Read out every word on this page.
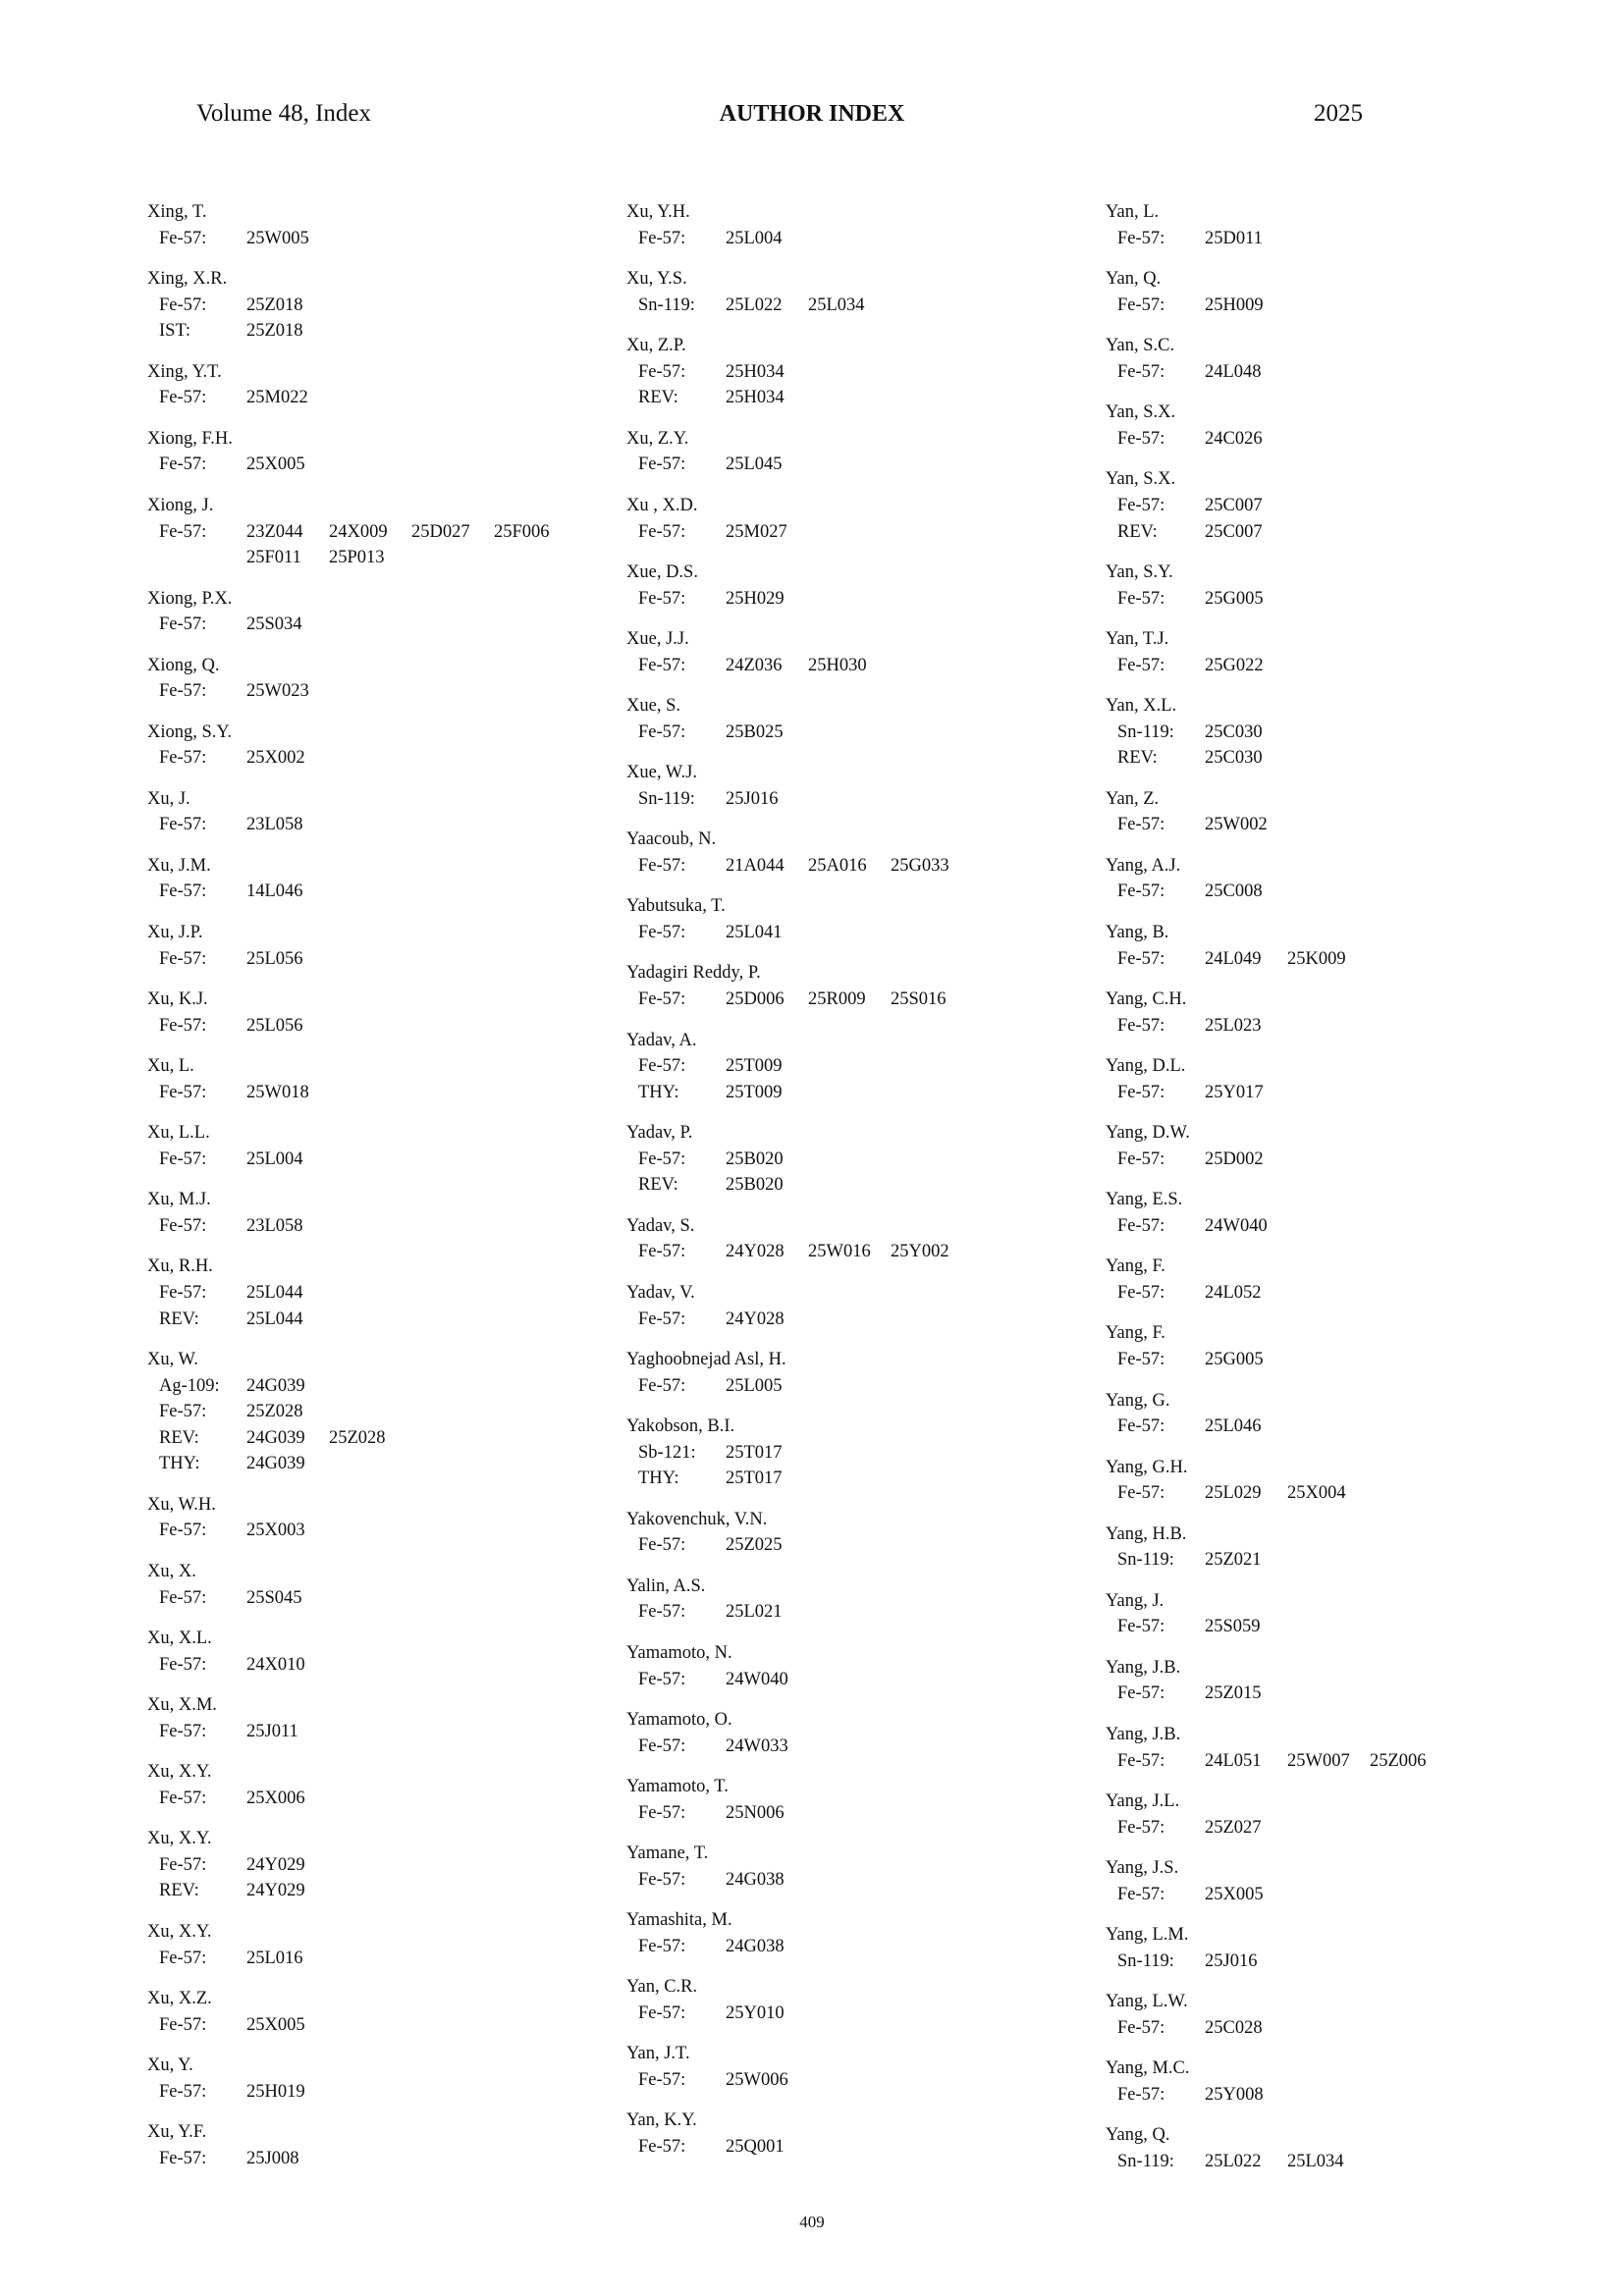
Volume 48, Index	AUTHOR INDEX	2025
Xing, T.
Fe-57:	25W005
Xing, X.R.
Fe-57:	25Z018
IST:	25Z018
Xing, Y.T.
Fe-57:	25M022
Xiong, F.H.
Fe-57:	25X005
Xiong, J.
Fe-57:	23Z044	24X009	25D027	25F006
25F011	25P013
Xiong, P.X.
Fe-57:	25S034
Xiong, Q.
Fe-57:	25W023
Xiong, S.Y.
Fe-57:	25X002
Xu, J.
Fe-57:	23L058
Xu, J.M.
Fe-57:	14L046
Xu, J.P.
Fe-57:	25L056
Xu, K.J.
Fe-57:	25L056
Xu, L.
Fe-57:	25W018
Xu, L.L.
Fe-57:	25L004
Xu, M.J.
Fe-57:	23L058
Xu, R.H.
Fe-57:	25L044
REV:	25L044
Xu, W.
Ag-109:	24G039
Fe-57:	25Z028
REV:	24G039	25Z028
THY:	24G039
Xu, W.H.
Fe-57:	25X003
Xu, X.
Fe-57:	25S045
Xu, X.L.
Fe-57:	24X010
Xu, X.M.
Fe-57:	25J011
Xu, X.Y.
Fe-57:	25X006
Xu, X.Y.
Fe-57:	24Y029
REV:	24Y029
Xu, X.Y.
Fe-57:	25L016
Xu, X.Z.
Fe-57:	25X005
Xu, Y.
Fe-57:	25H019
Xu, Y.F.
Fe-57:	25J008
Xu, Y.H.
Fe-57:	25L004
Xu, Y.S.
Sn-119:	25L022	25L034
Xu, Z.P.
Fe-57:	25H034
REV:	25H034
Xu, Z.Y.
Fe-57:	25L045
Xu , X.D.
Fe-57:	25M027
Xue, D.S.
Fe-57:	25H029
Xue, J.J.
Fe-57:	24Z036	25H030
Xue, S.
Fe-57:	25B025
Xue, W.J.
Sn-119:	25J016
Yaacoub, N.
Fe-57:	21A044	25A016	25G033
Yabutsuka, T.
Fe-57:	25L041
Yadagiri Reddy, P.
Fe-57:	25D006	25R009	25S016
Yadav, A.
Fe-57:	25T009
THY:	25T009
Yadav, P.
Fe-57:	25B020
REV:	25B020
Yadav, S.
Fe-57:	24Y028	25W016	25Y002
Yadav, V.
Fe-57:	24Y028
Yaghoobnejad Asl, H.
Fe-57:	25L005
Yakobson, B.I.
Sb-121:	25T017
THY:	25T017
Yakovenchuk, V.N.
Fe-57:	25Z025
Yalin, A.S.
Fe-57:	25L021
Yamamoto, N.
Fe-57:	24W040
Yamamoto, O.
Fe-57:	24W033
Yamamoto, T.
Fe-57:	25N006
Yamane, T.
Fe-57:	24G038
Yamashita, M.
Fe-57:	24G038
Yan, C.R.
Fe-57:	25Y010
Yan, J.T.
Fe-57:	25W006
Yan, K.Y.
Fe-57:	25Q001
Yan, L.
Fe-57:	25D011
Yan, Q.
Fe-57:	25H009
Yan, S.C.
Fe-57:	24L048
Yan, S.X.
Fe-57:	24C026
Yan, S.X.
Fe-57:	25C007
REV:	25C007
Yan, S.Y.
Fe-57:	25G005
Yan, T.J.
Fe-57:	25G022
Yan, X.L.
Sn-119:	25C030
REV:	25C030
Yan, Z.
Fe-57:	25W002
Yang, A.J.
Fe-57:	25C008
Yang, B.
Fe-57:	24L049	25K009
Yang, C.H.
Fe-57:	25L023
Yang, D.L.
Fe-57:	25Y017
Yang, D.W.
Fe-57:	25D002
Yang, E.S.
Fe-57:	24W040
Yang, F.
Fe-57:	24L052
Yang, F.
Fe-57:	25G005
Yang, G.
Fe-57:	25L046
Yang, G.H.
Fe-57:	25L029	25X004
Yang, H.B.
Sn-119:	25Z021
Yang, J.
Fe-57:	25S059
Yang, J.B.
Fe-57:	25Z015
Yang, J.B.
Fe-57:	24L051	25W007	25Z006
Yang, J.L.
Fe-57:	25Z027
Yang, J.S.
Fe-57:	25X005
Yang, L.M.
Sn-119:	25J016
Yang, L.W.
Fe-57:	25C028
Yang, M.C.
Fe-57:	25Y008
Yang, Q.
Sn-119:	25L022	25L034
409
